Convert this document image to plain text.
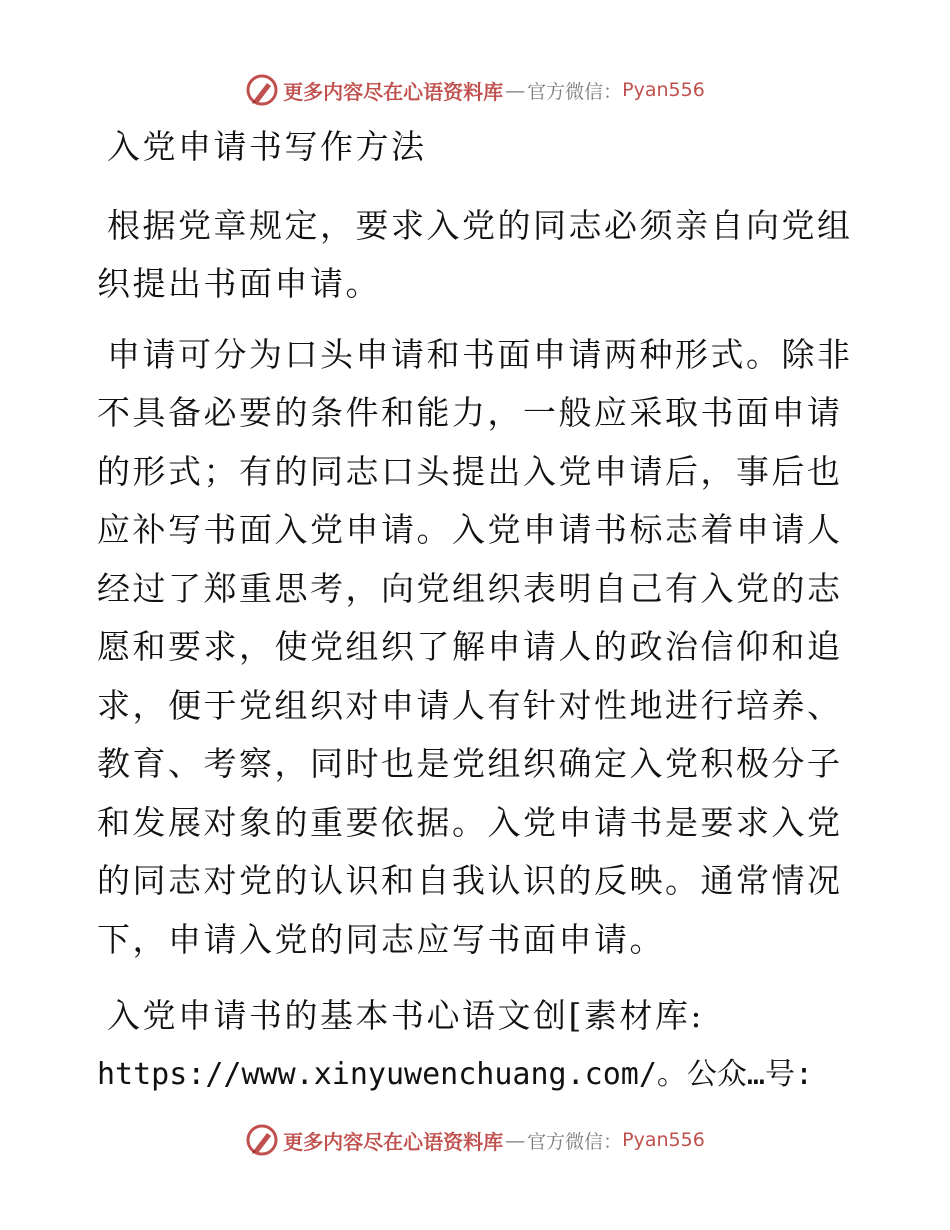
更多内容尽在心语资料库 — 官方微信： Pyan556

入党申请书写作方法

根据党章规定，要求入党的同志必须亲自向党组织提出书面申请。

申请可分为口头申请和书面申请两种形式。除非不具备必要的条件和能力，一般应采取书面申请的形式；有的同志口头提出入党申请后，事后也应补写书面入党申请。入党申请书标志着申请人经过了郑重思考，向党组织表明自己有入党的志愿和要求，使党组织了解申请人的政治信仰和追求，便于党组织对申请人有针对性地进行培养、教育、考察，同时也是党组织确定入党积极分子和发展对象的重要依据。入党申请书是要求入党的同志对党的认识和自我认识的反映。通常情况下，申请入党的同志应写书面申请。

入党申请书的基本书心语文创[素材库:

https://www.xinyuwenchuang.com/。公众…号:

更多内容尽在心语资料库 — 官方微信： Pyan556
